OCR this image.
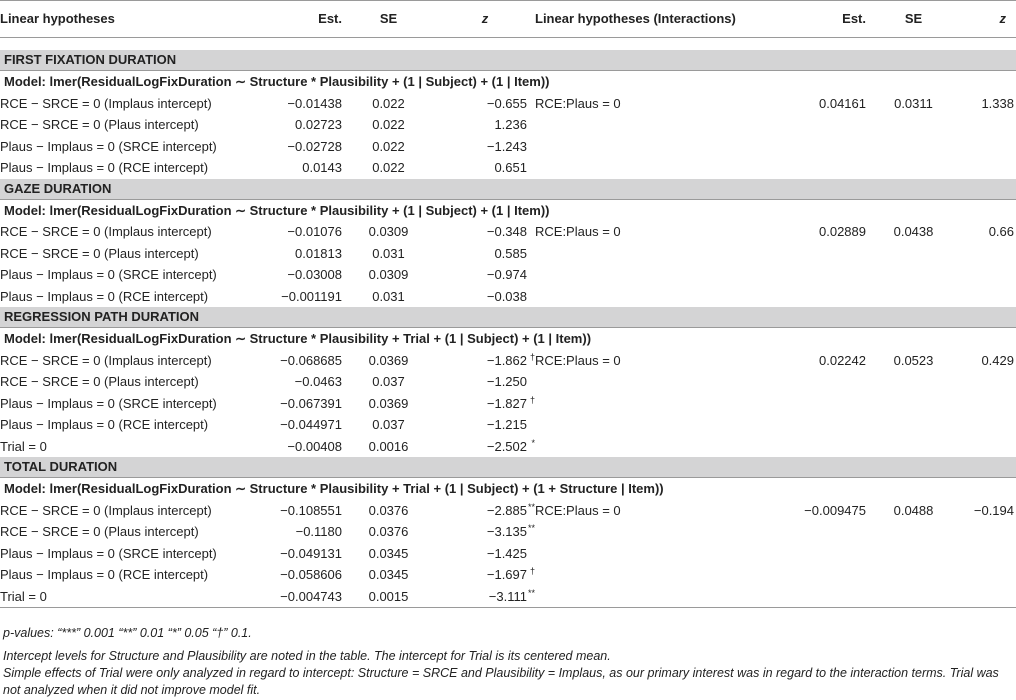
Linear hypotheses	Est.	SE	z	Linear hypotheses (Interactions)	Est.	SE	z

FIRST FIXATION DURATION							
Model: lmer(ResidualLogFixDuration ∼ Structure * Plausibility + (1 | Subject) + (1 | Item))							
RCE − SRCE = 0 (Implaus intercept)	−0.01438	0.022	−0.655	RCE:Plaus = 0	0.04161	0.0311	1.338
RCE − SRCE = 0 (Plaus intercept)	0.02723	0.022	1.236

Plaus − Implaus = 0 (SRCE intercept)	−0.02728	0.022	−1.243

Plaus − Implaus = 0 (RCE intercept)	0.0143	0.022	0.651

GAZE DURATION							
Model: lmer(ResidualLogFixDuration ∼ Structure * Plausibility + (1 | Subject) + (1 | Item))							
RCE − SRCE = 0 (Implaus intercept)	−0.01076	0.0309	−0.348	RCE:Plaus = 0	0.02889	0.0438	0.66
RCE − SRCE = 0 (Plaus intercept)	0.01813	0.031	0.585

Plaus − Implaus = 0 (SRCE intercept)	−0.03008	0.0309	−0.974

Plaus − Implaus = 0 (RCE intercept)	−0.001191	0.031	−0.038

REGRESSION PATH DURATION							
Model: lmer(ResidualLogFixDuration ∼ Structure * Plausibility + Trial + (1 | Subject) + (1 | Item))							
RCE − SRCE = 0 (Implaus intercept)	−0.068685	0.0369	−1.862 †	RCE:Plaus = 0	0.02242	0.0523	0.429
RCE − SRCE = 0 (Plaus intercept)	−0.0463	0.037	−1.250

Plaus − Implaus = 0 (SRCE intercept)	−0.067391	0.0369	−1.827 †				

Plaus − Implaus = 0 (RCE intercept)	−0.044971	0.037	−1.215

Trial = 0	−0.00408	0.0016	−2.502 *				

TOTAL DURATION							
Model: lmer(ResidualLogFixDuration ∼ Structure * Plausibility + Trial + (1 | Subject) + (1 + Structure | Item))							
RCE − SRCE = 0 (Implaus intercept)	−0.108551	0.0376	−2.885 **	RCE:Plaus = 0	−0.009475	0.0488	−0.194
RCE − SRCE = 0 (Plaus intercept)	−0.1180	0.0376	−3.135 **				

Plaus − Implaus = 0 (SRCE intercept)	−0.049131	0.0345	−1.425

Plaus − Implaus = 0 (RCE intercept)	−0.058606	0.0345	−1.697 †				

Trial = 0	−0.004743	0.0015	−3.111 **				

p-values: “***” 0.001 “**” 0.01 “*” 0.05 “†” 0.1.

Intercept levels for Structure and Plausibility are noted in the table. The intercept for Trial is its centered mean.

Simple effects of Trial were only analyzed in regard to intercept: Structure = SRCE and Plausibility = Implaus, as our primary interest was in regard to the interaction terms. Trial was not analyzed when it did not improve model fit.
